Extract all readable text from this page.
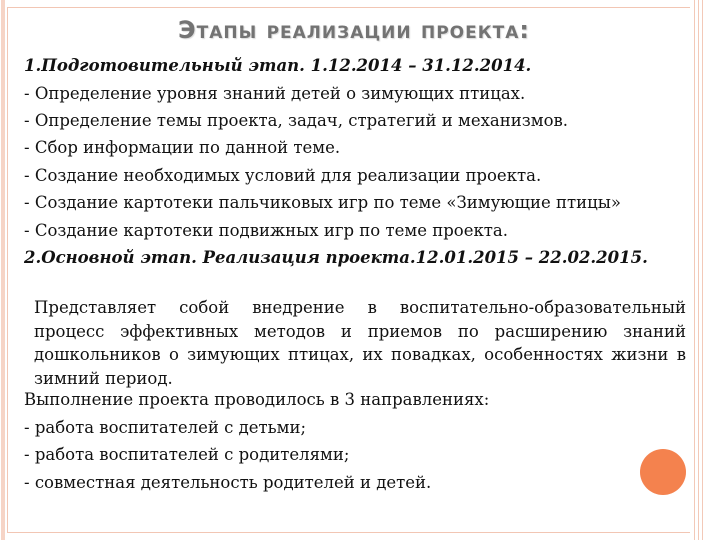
Этапы реализации проекта:
1.Подготовительный этап. 1.12.2014 – 31.12.2014.
- Определение уровня знаний детей о зимующих птицах.
- Определение темы проекта, задач, стратегий и механизмов.
- Сбор информации по данной теме.
- Создание необходимых условий для реализации проекта.
- Создание картотеки пальчиковых игр по теме «Зимующие птицы»
- Создание картотеки подвижных игр по теме проекта.
2.Основной этап. Реализация проекта.12.01.2015 – 22.02.2015.
Представляет собой внедрение в воспитательно-образовательный процесс эффективных методов и приемов по расширению знаний дошкольников о зимующих птицах, их повадках, особенностях жизни в зимний период.
Выполнение проекта проводилось в 3 направлениях:
- работа воспитателей с детьми;
- работа воспитателей с родителями;
- совместная деятельность родителей и детей.
